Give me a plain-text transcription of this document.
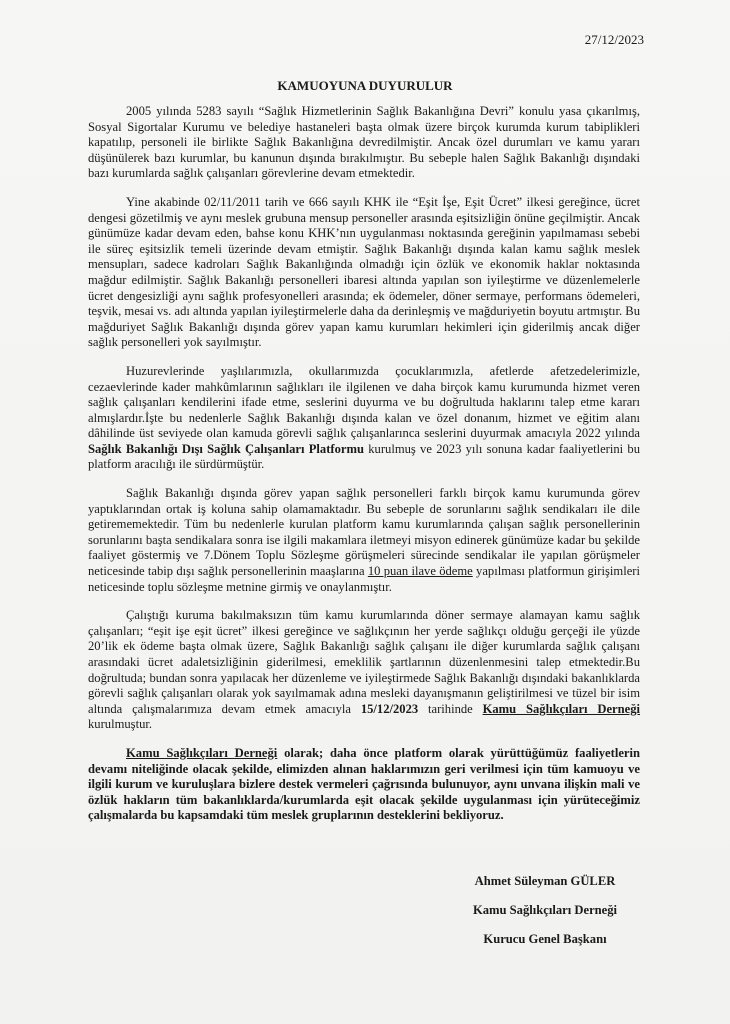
27/12/2023
KAMUOYUNA DUYURULUR

2005 yılında 5283 sayılı “Sağlık Hizmetlerinin Sağlık Bakanlığına Devri” konulu yasa çıkarılmış, Sosyal Sigortalar Kurumu ve belediye hastaneleri başta olmak üzere birçok kurumda kurum tabiplikleri kapatılıp, personeli ile birlikte Sağlık Bakanlığına devredilmiştir. Ancak özel durumları ve kamu yararı düşünülerek bazı kurumlar, bu kanunun dışında bırakılmıştır. Bu sebeple halen Sağlık Bakanlığı dışındaki bazı kurumlarda sağlık çalışanları görevlerine devam etmektedir.

Yine akabinde 02/11/2011 tarih ve 666 sayılı KHK ile “Eşit İşe, Eşit Ücret” ilkesi gereğince, ücret dengesi gözetilmiş ve aynı meslek grubuna mensup personeller arasında eşitsizliğin önüne geçilmiştir. Ancak günümüze kadar devam eden, bahse konu KHK’nın uygulanması noktasında gereğinin yapılmaması sebebi ile süreç eşitsizlik temeli üzerinde devam etmiştir. Sağlık Bakanlığı dışında kalan kamu sağlık meslek mensupları, sadece kadroları Sağlık Bakanlığında olmadığı için özlük ve ekonomik haklar noktasında mağdur edilmiştir. Sağlık Bakanlığı personelleri ibaresi altında yapılan son iyileştirme ve düzenlemelerle ücret dengesizliği aynı sağlık profesyonelleri arasında; ek ödemeler, döner sermaye, performans ödemeleri, teşvik, mesai vs. adı altında yapılan iyileştirmelerle daha da derinleşmiş ve mağduriyetin boyutu artmıştır. Bu mağduriyet Sağlık Bakanlığı dışında görev yapan kamu kurumları hekimleri için giderilmiş ancak diğer sağlık personelleri yok sayılmıştır.

Huzurevlerinde yaşlılarımızla, okullarımızda çocuklarımızla, afetlerde afetzedelerimizle, cezaevlerinde kader mahkûmlarının sağlıkları ile ilgilenen ve daha birçok kamu kurumunda hizmet veren sağlık çalışanları kendilerini ifade etme, seslerini duyurma ve bu doğrultuda haklarını talep etme kararı almışlardır.İşte bu nedenlerle Sağlık Bakanlığı dışında kalan ve özel donanım, hizmet ve eğitim alanı dâhilinde üst seviyede olan kamuda görevli sağlık çalışanlarınca seslerini duyurmak amacıyla 2022 yılında Sağlık Bakanlığı Dışı Sağlık Çalışanları Platformu kurulmuş ve 2023 yılı sonuna kadar faaliyetlerini bu platform aracılığı ile sürdürmüştür.

Sağlık Bakanlığı dışında görev yapan sağlık personelleri farklı birçok kamu kurumunda görev yaptıklarından ortak iş koluna sahip olamamaktadır. Bu sebeple de sorunlarını sağlık sendikaları ile dile getirememektedir. Tüm bu nedenlerle kurulan platform kamu kurumlarında çalışan sağlık personellerinin sorunlarını başta sendikalara sonra ise ilgili makamlara iletmeyi misyon edinerek günümüze kadar bu şekilde faaliyet göstermiş ve 7.Dönem Toplu Sözleşme görüşmeleri sürecinde sendikalar ile yapılan görüşmeler neticesinde tabip dışı sağlık personellerinin maaşlarına 10 puan ilave ödeme yapılması platformun girişimleri neticesinde toplu sözleşme metnine girmiş ve onaylanmıştır.

Çalıştığı kuruma bakılmaksızın tüm kamu kurumlarında döner sermaye alamayan kamu sağlık çalışanları; “eşit işe eşit ücret” ilkesi gereğince ve sağlıkçının her yerde sağlıkçı olduğu gerçeği ile yüzde 20’lik ek ödeme başta olmak üzere, Sağlık Bakanlığı sağlık çalışanı ile diğer kurumlarda sağlık çalışanı arasındaki ücret adaletsizliğinin giderilmesi, emeklilik şartlarının düzenlenmesini talep etmektedir.Bu doğrultuda; bundan sonra yapılacak her düzenleme ve iyileştirmede Sağlık Bakanlığı dışındaki bakanlıklarda görevli sağlık çalışanları olarak yok sayılmamak adına mesleki dayanışmanın geliştirilmesi ve tüzel bir isim altında çalışmalarımıza devam etmek amacıyla 15/12/2023 tarihinde Kamu Sağlıkçıları Derneği kurulmuştur.

Kamu Sağlıkçıları Derneği olarak; daha önce platform olarak yürüttüğümüz faaliyetlerin devamı niteliğinde olacak şekilde, elimizden alınan haklarımızın geri verilmesi için tüm kamuoyu ve ilgili kurum ve kuruluşlara bizlere destek vermeleri çağrısında bulunuyor, aynı unvana ilişkin mali ve özlük hakların tüm bakanlıklarda/kurumlarda eşit olacak şekilde uygulanması için yürüteceğimiz çalışmalarda bu kapsamdaki tüm meslek gruplarının desteklerini bekliyoruz.

Ahmet Süleyman GÜLER
Kamu Sağlıkçıları Derneği
Kurucu Genel Başkanı
